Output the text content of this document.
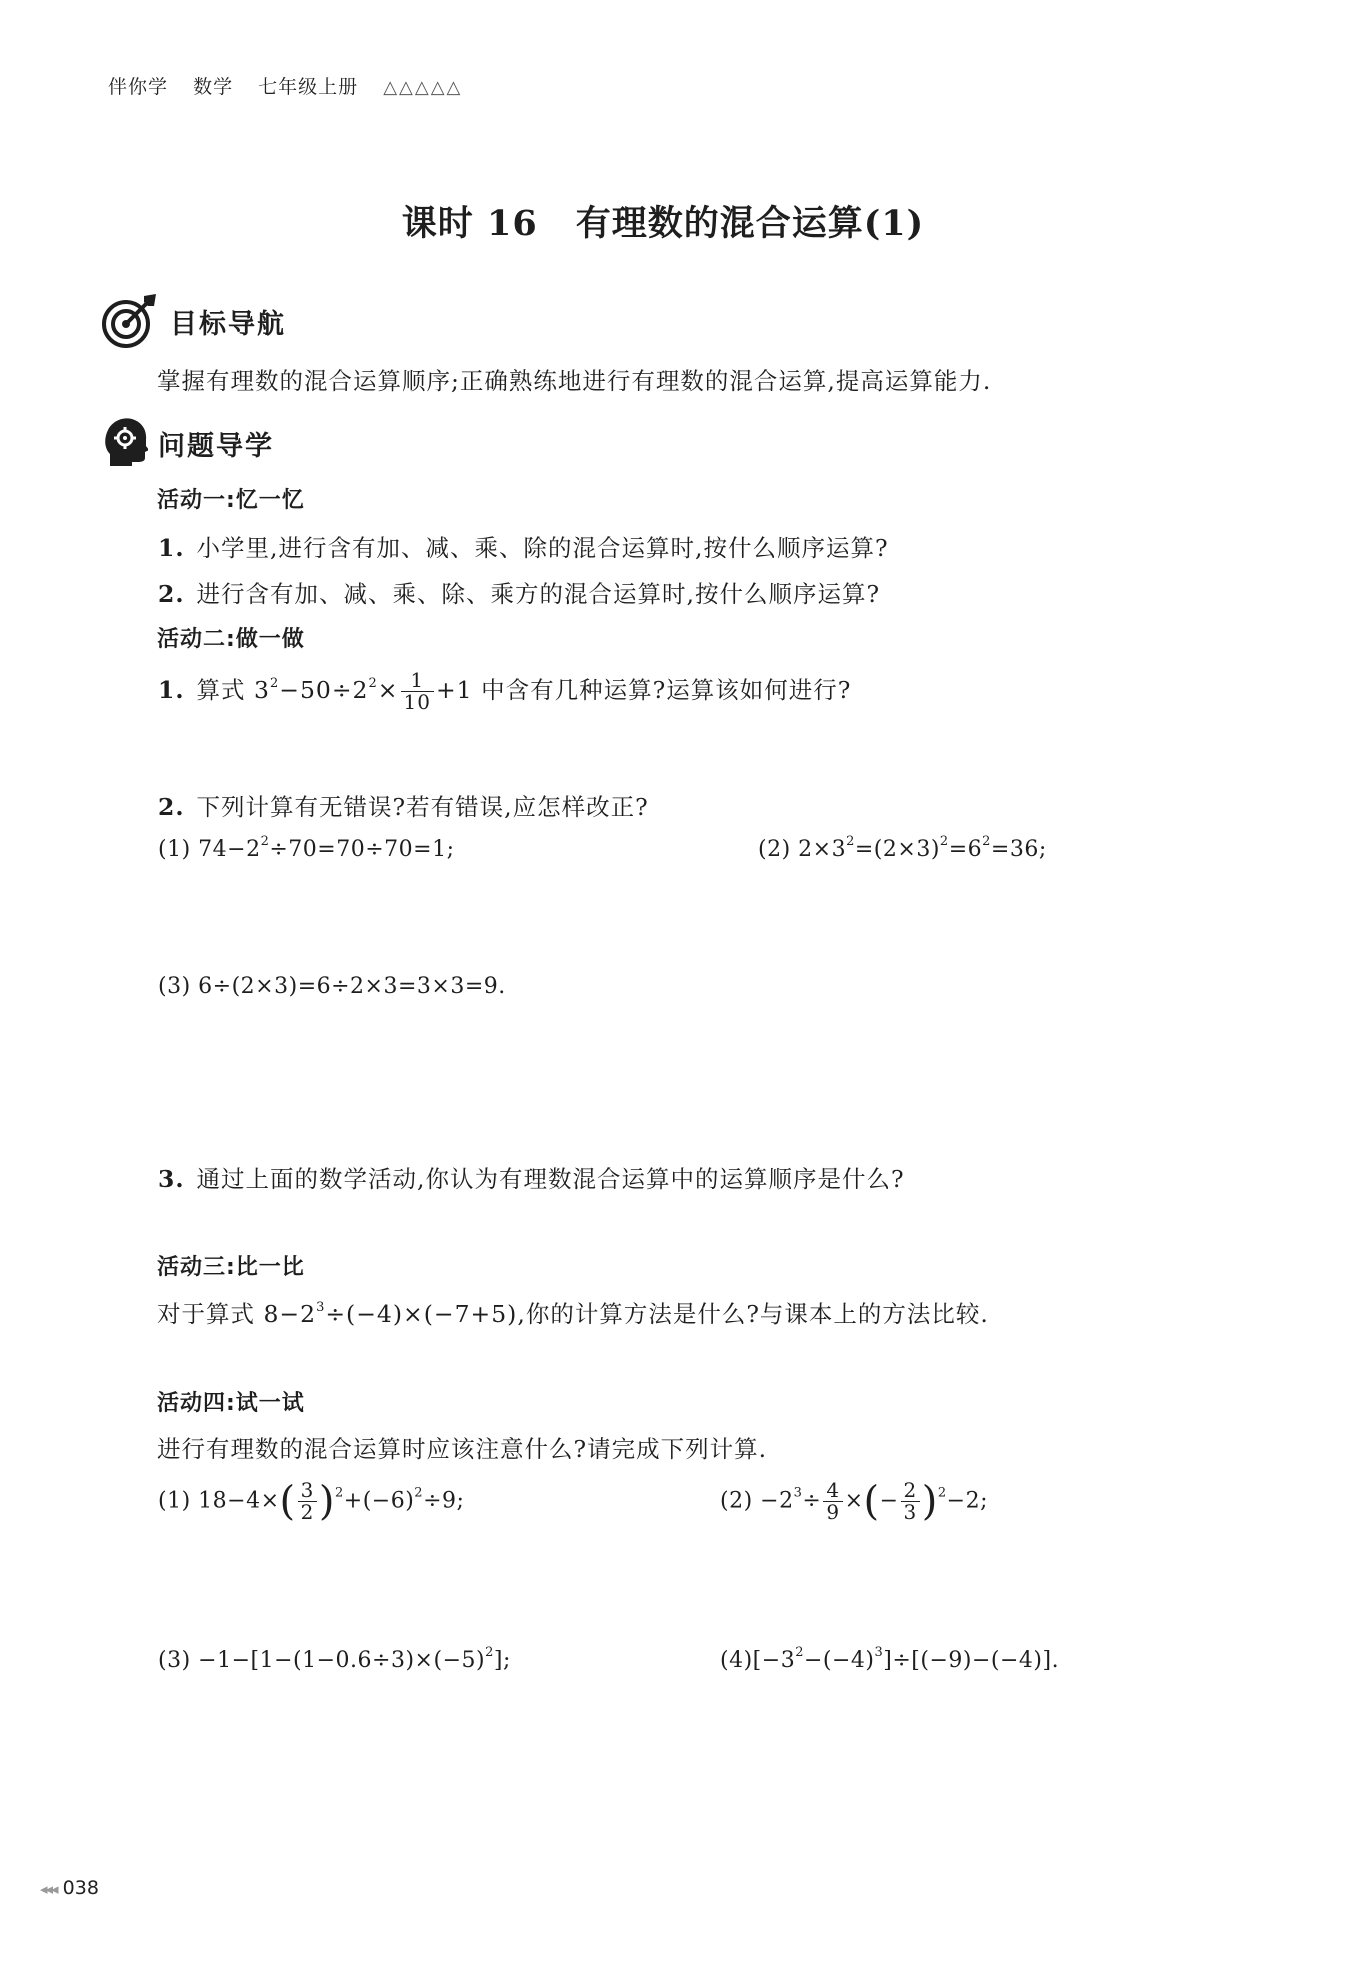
伴你学 数学 七年级上册 △△△△△
课时 16 有理数的混合运算(1)
目标导航
掌握有理数的混合运算顺序;正确熟练地进行有理数的混合运算,提高运算能力.
问题导学
活动一:忆一忆
1. 小学里,进行含有加、减、乘、除的混合运算时,按什么顺序运算?
2. 进行含有加、减、乘、除、乘方的混合运算时,按什么顺序运算?
活动二:做一做
1. 算式 $3^2-50\div 2^2\times \frac{1}{10} +1$ 中含有几种运算?运算该如何进行?
2. 下列计算有无错误?若有错误,应怎样改正?
(1) $74-2^2\div 70=70\div 70=1$;	(2) $2\times 3^2=(2\times 3)^2=6^2=36$;
(3) 6÷(2×3)=6÷2×3=3×3=9.
3. 通过上面的数学活动,你认为有理数混合运算中的运算顺序是什么?
活动三:比一比
对于算式 $8-2^3\div(-4)\times(-7+5)$,你的计算方法是什么?与课本上的方法比较.
活动四:试一试
进行有理数的混合运算时应该注意什么?请完成下列计算.
(1) $18-4\times( \frac{3}{2} )^2+(-6)^2\div 9$;	$(2) -2^3\div \frac{4}{9}$ ×(− $\frac{2}{3} )^2-2$;
$(3) -1-[1-(1-0.6\div 3)\times(-5)^2]$;	$(4)[-3^2-(-4)^3]\div[(-9)-(-4)]$.
◂◂◂ 038
